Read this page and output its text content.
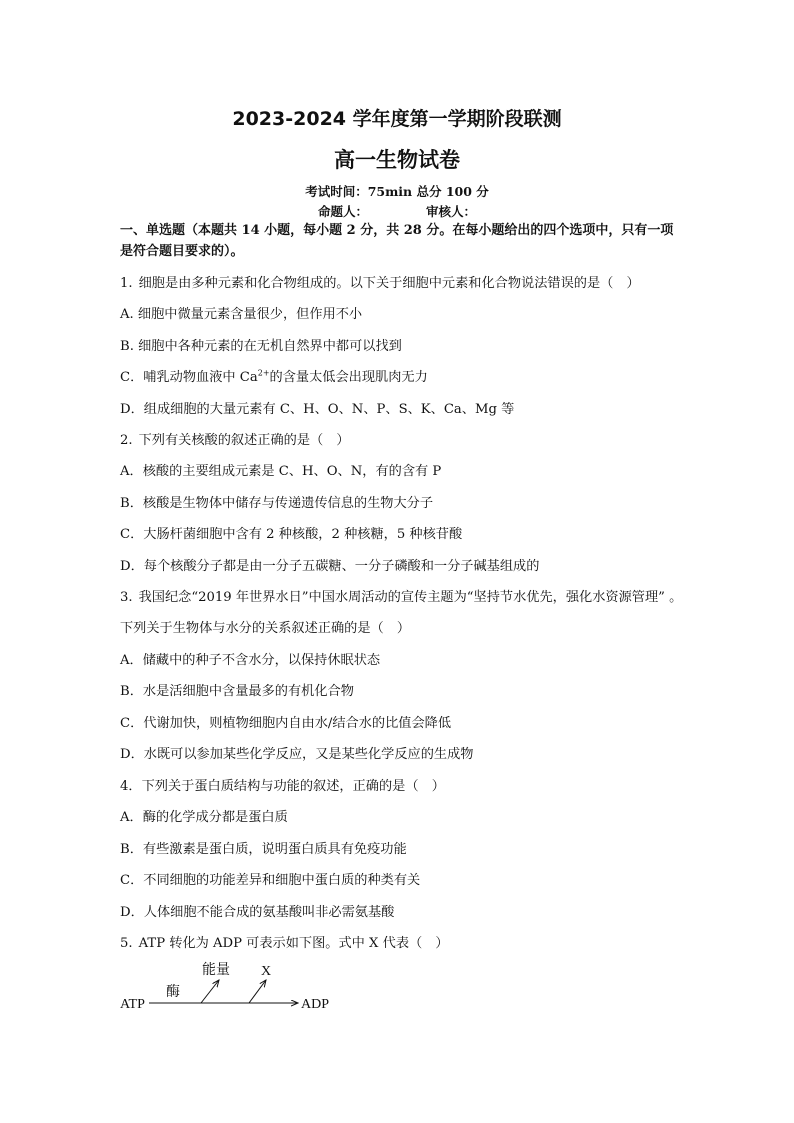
2023-2024 学年度第一学期阶段联测
高一生物试卷
考试时间：75min 总分 100 分
命题人：	审核人：
一、单选题（本题共 14 小题，每小题 2 分，共 28 分。在每小题给出的四个选项中，只有一项是符合题目要求的）。
1. 细胞是由多种元素和化合物组成的。以下关于细胞中元素和化合物说法错误的是（　）
A. 细胞中微量元素含量很少，但作用不小
B. 细胞中各种元素的在无机自然界中都可以找到
C．哺乳动物血液中 $Ca^{2+}$的含量太低会出现肌肉无力
D．组成细胞的大量元素有 C、H、O、N、P、S、K、Ca、Mg 等
2. 下列有关核酸的叙述正确的是（　）
A．核酸的主要组成元素是 C、H、O、N，有的含有 P
B．核酸是生物体中储存与传递遗传信息的生物大分子
C．大肠杆菌细胞中含有 2 种核酸，2 种核糖，5 种核苷酸
D．每个核酸分子都是由一分子五碳糖、一分子磷酸和一分子碱基组成的
3. 我国纪念“2019 年世界水日”中国水周活动的宣传主题为“坚持节水优先，强化水资源管理” 。
下列关于生物体与水分的关系叙述正确的是（　）
A．储藏中的种子不含水分，以保持休眠状态
B．水是活细胞中含量最多的有机化合物
C．代谢加快，则植物细胞内自由水/结合水的比值会降低
D．水既可以参加某些化学反应，又是某些化学反应的生成物
4．下列关于蛋白质结构与功能的叙述，正确的是（　）
A．酶的化学成分都是蛋白质
B．有些激素是蛋白质，说明蛋白质具有免疫功能
C．不同细胞的功能差异和细胞中蛋白质的种类有关
D．人体细胞不能合成的氨基酸叫非必需氨基酸
5. ATP 转化为 ADP 可表示如下图。式中 X 代表（　）
ATP	ADP
酶
能量 X
